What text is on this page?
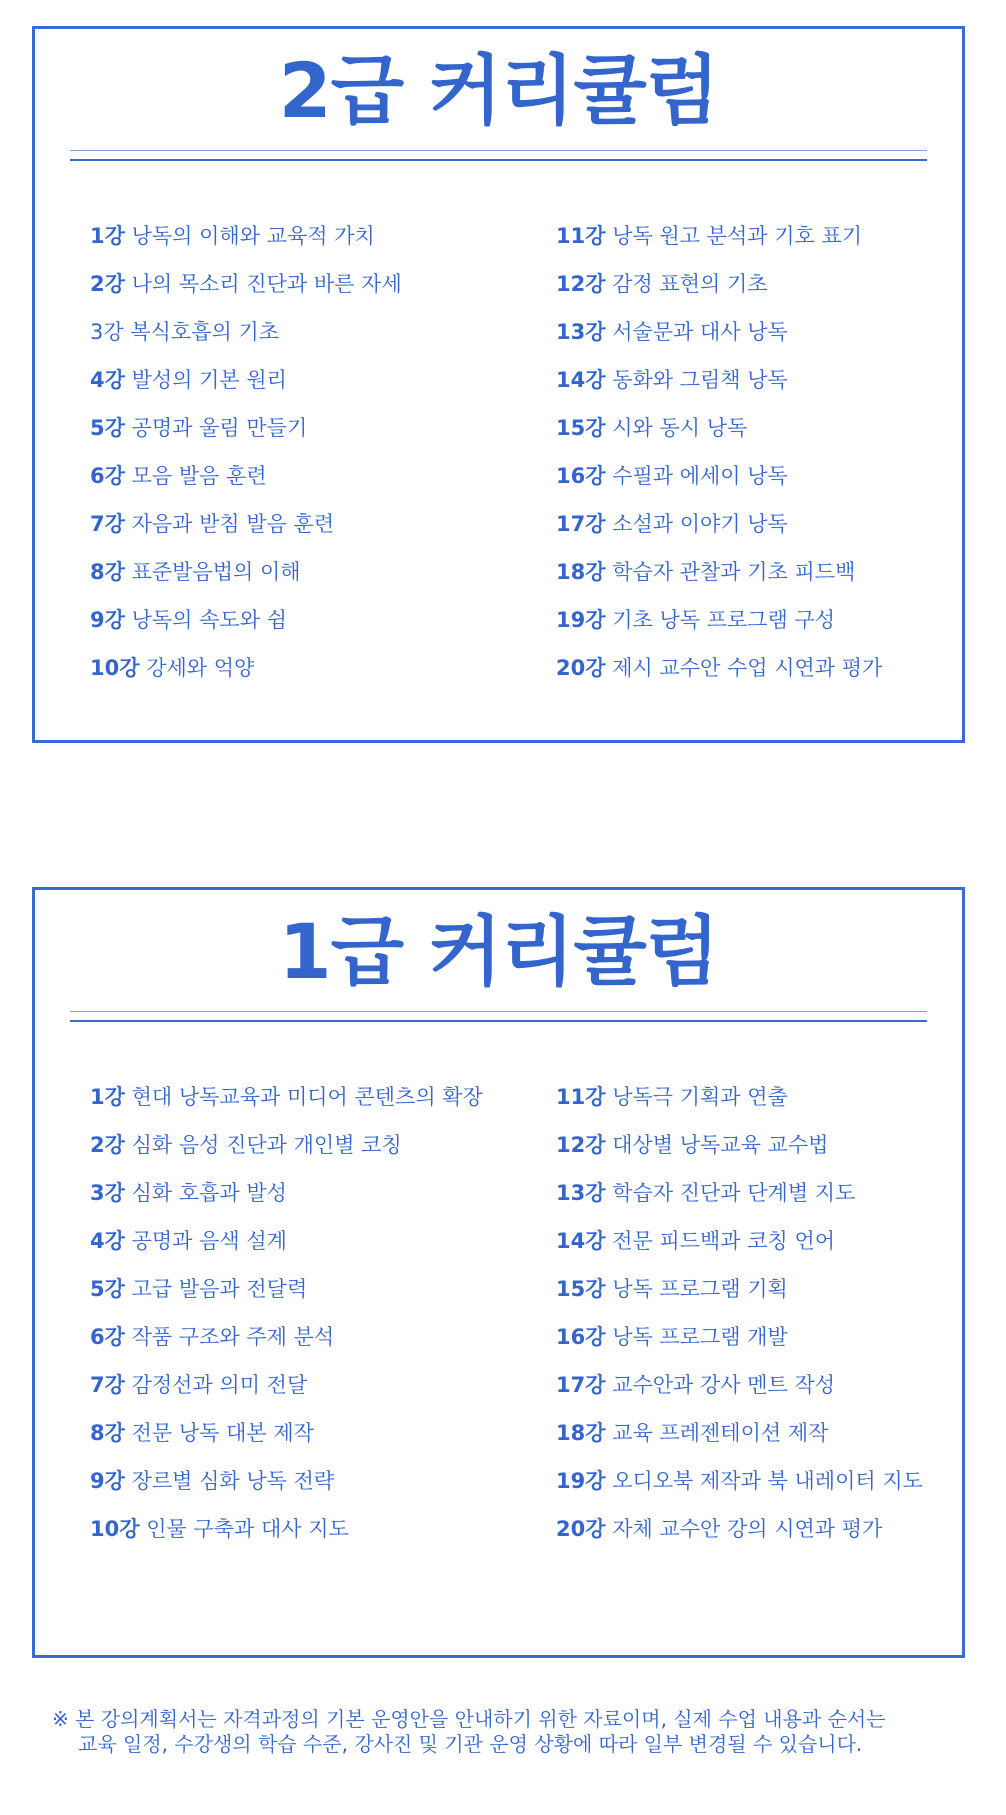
2급 커리큘럼
1강 낭독의 이해와 교육적 가치
2강 나의 목소리 진단과 바른 자세
3강 복식호흡의 기초
4강 발성의 기본 원리
5강 공명과 울림 만들기
6강 모음 발음 훈련
7강 자음과 받침 발음 훈련
8강 표준발음법의 이해
9강 낭독의 속도와 쉼
10강 강세와 억양
11강 낭독 원고 분석과 기호 표기
12강 감정 표현의 기초
13강 서술문과 대사 낭독
14강 동화와 그림책 낭독
15강 시와 동시 낭독
16강 수필과 에세이 낭독
17강 소설과 이야기 낭독
18강 학습자 관찰과 기초 피드백
19강 기초 낭독 프로그램 구성
20강 제시 교수안 수업 시연과 평가
1급 커리큘럼
1강 현대 낭독교육과 미디어 콘텐츠의 확장
2강 심화 음성 진단과 개인별 코칭
3강 심화 호흡과 발성
4강 공명과 음색 설계
5강 고급 발음과 전달력
6강 작품 구조와 주제 분석
7강 감정선과 의미 전달
8강 전문 낭독 대본 제작
9강 장르별 심화 낭독 전략
10강 인물 구축과 대사 지도
11강 낭독극 기획과 연출
12강 대상별 낭독교육 교수법
13강 학습자 진단과 단계별 지도
14강 전문 피드백과 코칭 언어
15강 낭독 프로그램 기획
16강 낭독 프로그램 개발
17강 교수안과 강사 멘트 작성
18강 교육 프레젠테이션 제작
19강 오디오북 제작과 북 내레이터 지도
20강 자체 교수안 강의 시연과 평가
※ 본 강의계획서는 자격과정의 기본 운영안을 안내하기 위한 자료이며, 실제 수업 내용과 순서는
교육 일정, 수강생의 학습 수준, 강사진 및 기관 운영 상황에 따라 일부 변경될 수 있습니다.
